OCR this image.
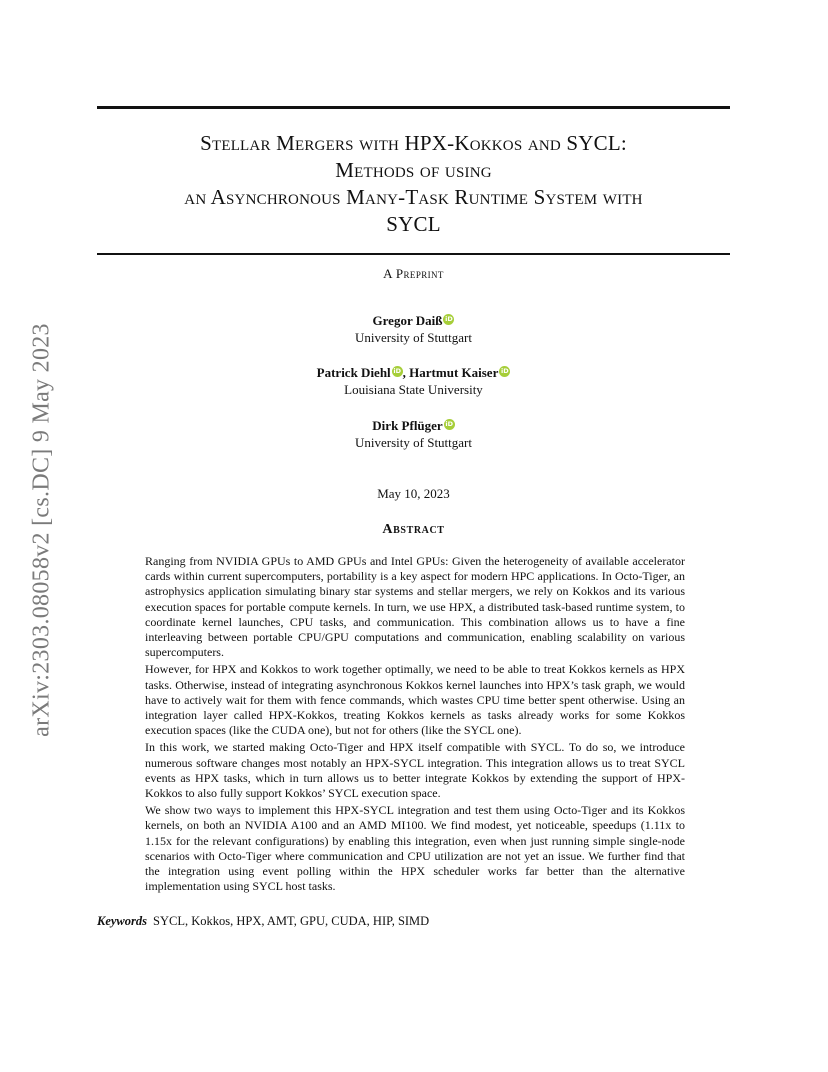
arXiv:2303.08058v2 [cs.DC] 9 May 2023
Stellar Mergers with HPX-Kokkos and SYCL:
Methods of using
an Asynchronous Many-Task Runtime System with
SYCL
A Preprint
Gregor Daiß iD
University of Stuttgart
Patrick Diehl iD , Hartmut Kaiser iD
Louisiana State University
Dirk Pflüger iD
University of Stuttgart
May 10, 2023
Abstract

Ranging from NVIDIA GPUs to AMD GPUs and Intel GPUs: Given the heterogeneity of available accelerator cards within current supercomputers, portability is a key aspect for modern HPC applications. In Octo-Tiger, an astrophysics application simulating binary star systems and stellar mergers, we rely on Kokkos and its various execution spaces for portable compute kernels. In turn, we use HPX, a distributed task-based runtime system, to coordinate kernel launches, CPU tasks, and communication. This combination allows us to have a fine interleaving between portable CPU/GPU computations and communication, enabling scalability on various supercomputers.

However, for HPX and Kokkos to work together optimally, we need to be able to treat Kokkos kernels as HPX tasks. Otherwise, instead of integrating asynchronous Kokkos kernel launches into HPX’s task graph, we would have to actively wait for them with fence commands, which wastes CPU time better spent otherwise. Using an integration layer called HPX-Kokkos, treating Kokkos kernels as tasks already works for some Kokkos execution spaces (like the CUDA one), but not for others (like the SYCL one).

In this work, we started making Octo-Tiger and HPX itself compatible with SYCL. To do so, we introduce numerous software changes most notably an HPX-SYCL integration. This integration allows us to treat SYCL events as HPX tasks, which in turn allows us to better integrate Kokkos by extending the support of HPX-Kokkos to also fully support Kokkos’ SYCL execution space.

We show two ways to implement this HPX-SYCL integration and test them using Octo-Tiger and its Kokkos kernels, on both an NVIDIA A100 and an AMD MI100. We find modest, yet noticeable, speedups (1.11x to 1.15x for the relevant configurations) by enabling this integration, even when just running simple single-node scenarios with Octo-Tiger where communication and CPU utilization are not yet an issue. We further find that the integration using event polling within the HPX scheduler works far better than the alternative implementation using SYCL host tasks.

Keywords SYCL, Kokkos, HPX, AMT, GPU, CUDA, HIP, SIMD
